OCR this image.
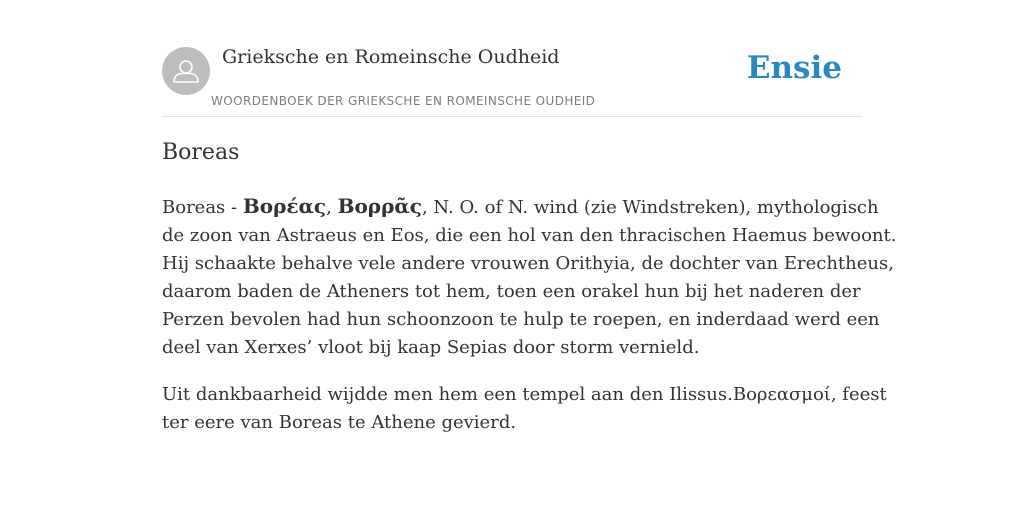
Grieksche en Romeinsche Oudheid
WOORDENBOEK DER GRIEKSCHE EN ROMEINSCHE OUDHEID
Ensie
Boreas

Boreas - Βορέας, Βορρᾶς, N. O. of N. wind (zie Windstreken), mythologisch
de zoon van Astraeus en Eos, die een hol van den thracischen Haemus bewoont.
Hij schaakte behalve vele andere vrouwen Orithyia, de dochter van Erechtheus,
daarom baden de Atheners tot hem, toen een orakel hun bij het naderen der
Perzen bevolen had hun schoonzoon te hulp te roepen, en inderdaad werd een
deel van Xerxes’ vloot bij kaap Sepias door storm vernield.

Uit dankbaarheid wijdde men hem een tempel aan den Ilissus.Βορεασμοί, feest
ter eere van Boreas te Athene gevierd.
